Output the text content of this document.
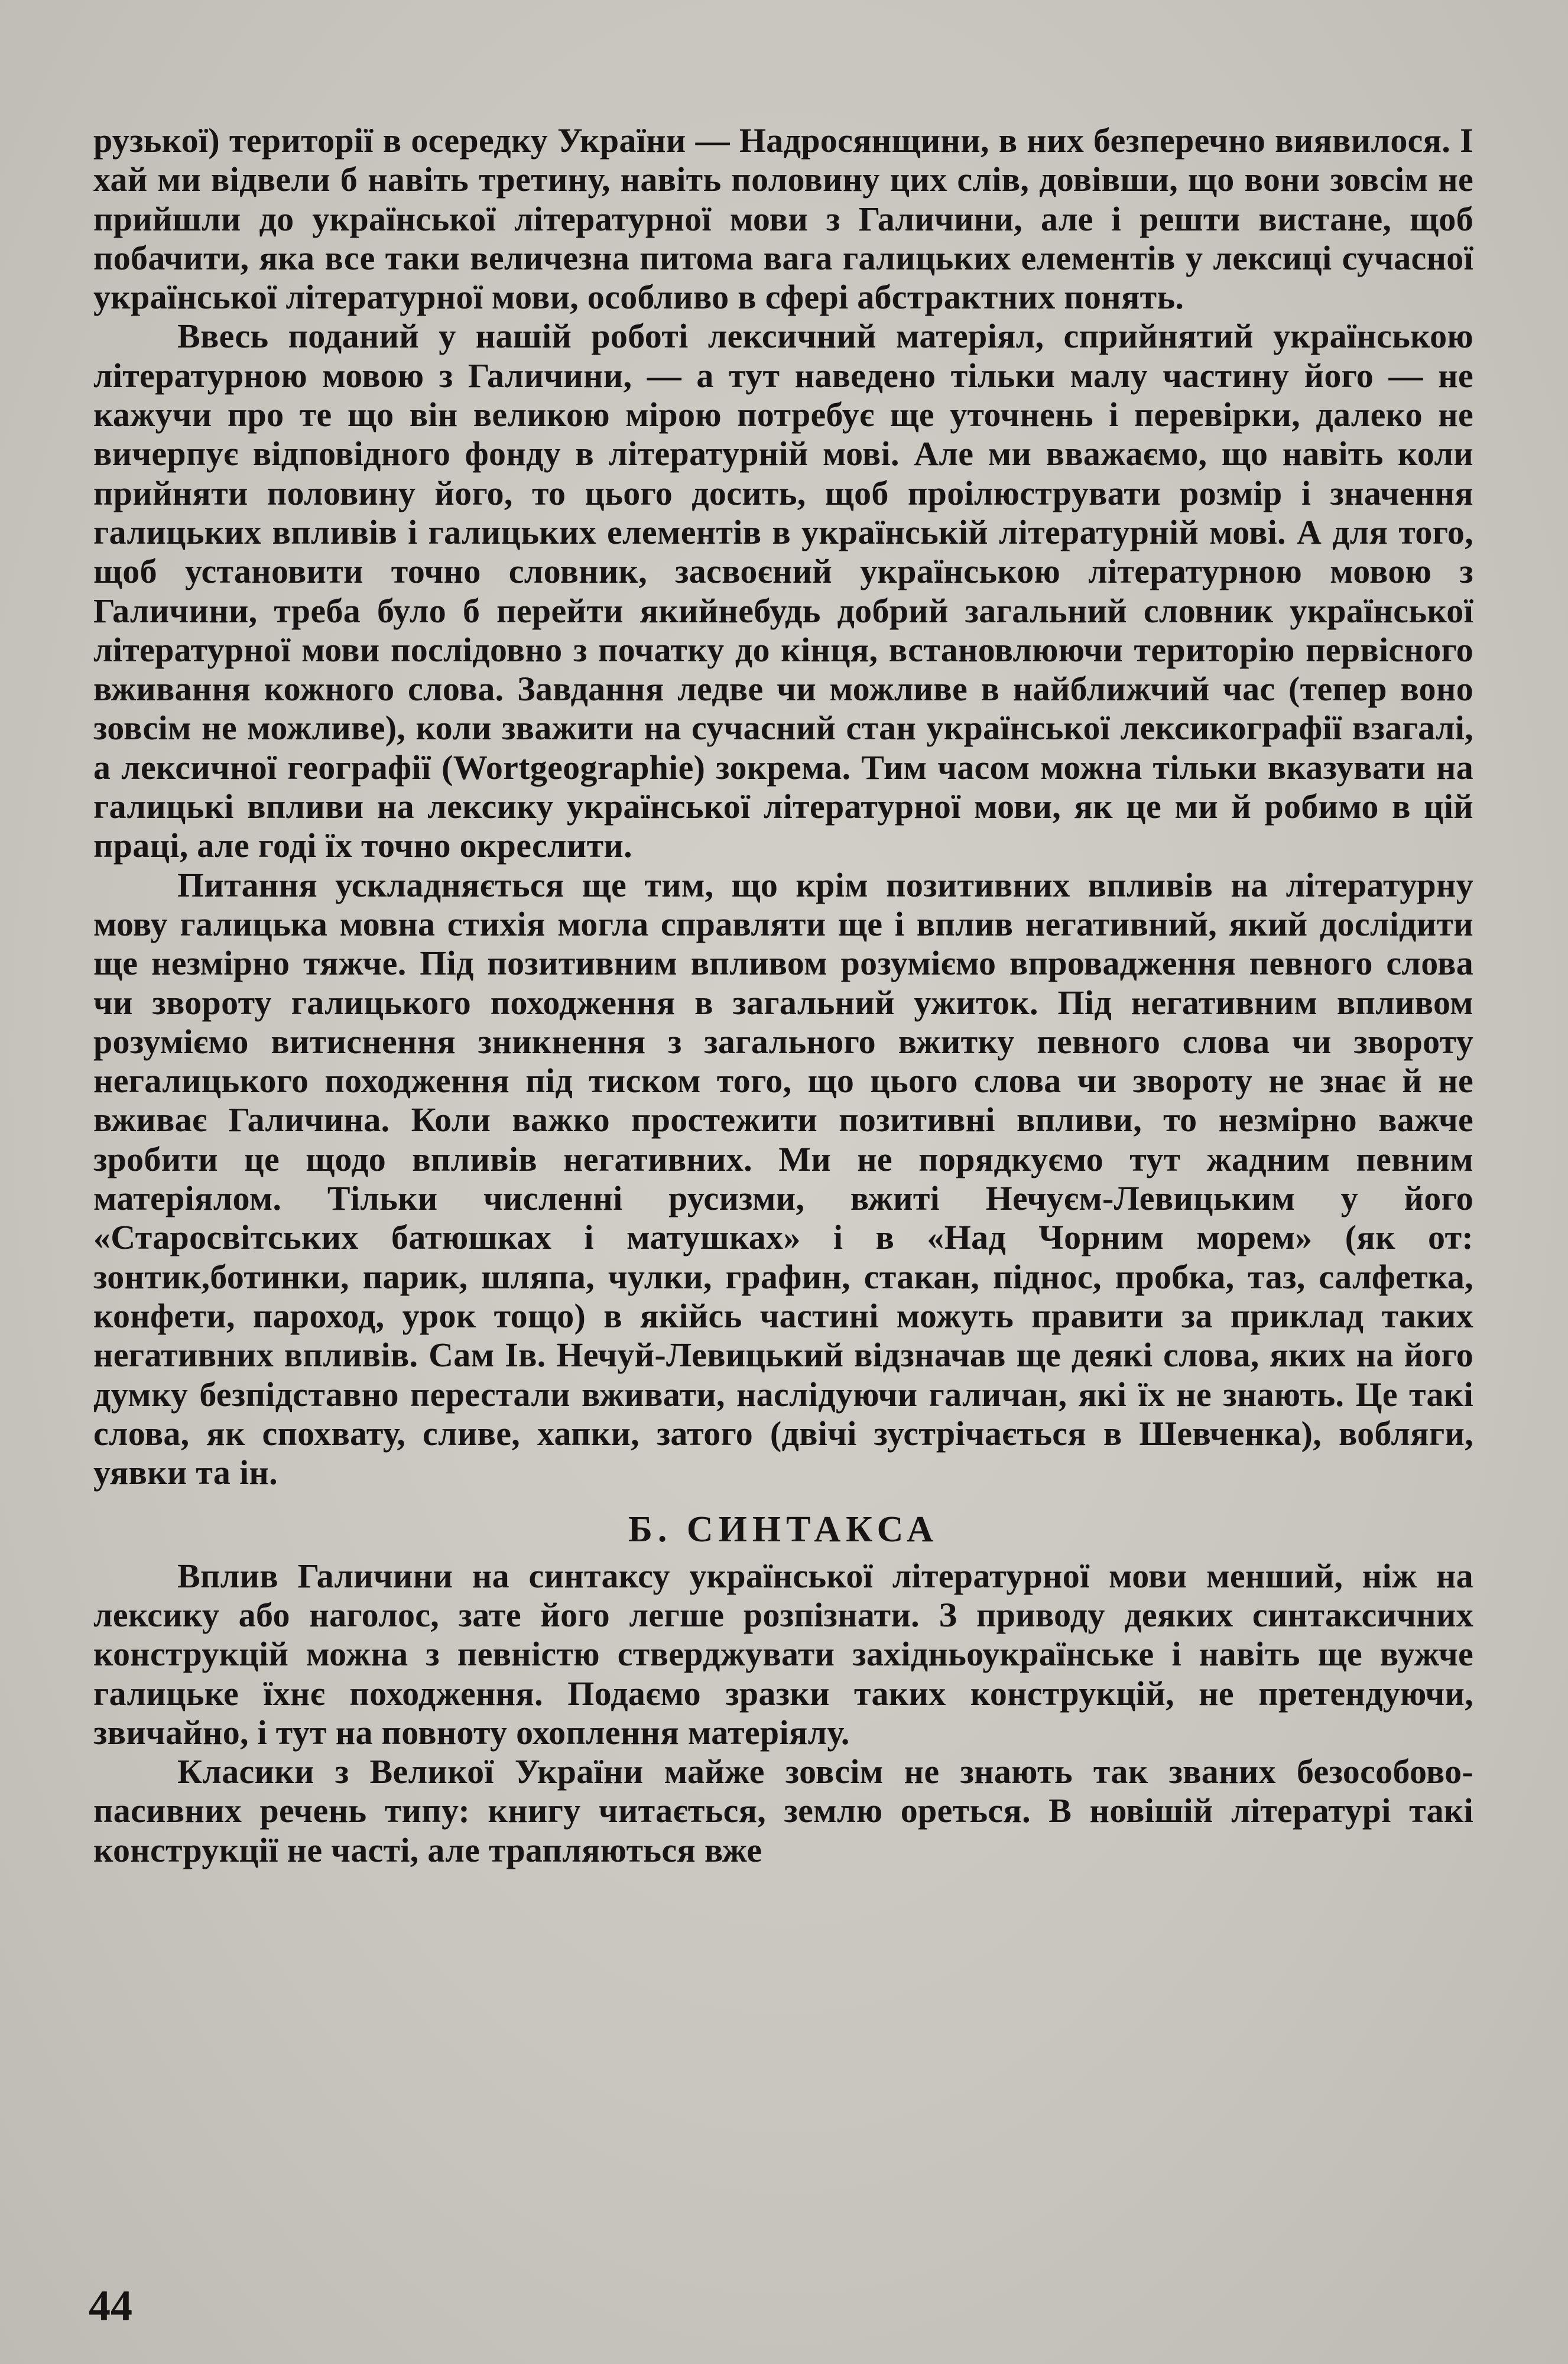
рузької) території в осередку України — Надросянщини, в них безперечно виявилося. І хай ми відвели б навіть третину, навіть половину цих слів, довівши, що вони зовсім не прийшли до української літературної мови з Галичини, але і решти вистане, щоб побачити, яка все таки величезна питома вага галицьких елементів у лексиці сучасної української літературної мови, особливо в сфері абстрактних понять.

Ввесь поданий у нашій роботі лексичний матеріял, сприйнятий українською літературною мовою з Галичини, — а тут наведено тільки малу частину його — не кажучи про те що він великою мірою потребує ще уточнень і перевірки, далеко не вичерпує відповідного фонду в літературній мові. Але ми вважаємо, що навіть коли прийняти половину його, то цього досить, щоб проілюструвати розмір і значення галицьких впливів і галицьких елементів в українській літературній мові. А для того, щоб установити точно словник, засвоєний українською літературною мовою з Галичини, треба було б перейти якийнебудь добрий загальний словник української літературної мови послідовно з початку до кінця, встановлюючи територію первісного вживання кожного слова. Завдання ледве чи можливе в найближчий час (тепер воно зовсім не можливе), коли зважити на сучасний стан української лексикографії взагалі, а лексичної географії (Wortgeographie) зокрема. Тим часом можна тільки вказувати на галицькі впливи на лексику української літературної мови, як це ми й робимо в цій праці, але годі їх точно окреслити.

Питання ускладняється ще тим, що крім позитивних впливів на літературну мову галицька мовна стихія могла справляти ще і вплив негативний, який дослідити ще незмірно тяжче. Під позитивним впливом розуміємо впровадження певного слова чи звороту галицького походження в загальний ужиток. Під негативним впливом розуміємо витиснення зникнення з загального вжитку певного слова чи звороту негалицького походження під тиском того, що цього слова чи звороту не знає й не вживає Галичина. Коли важко простежити позитивні впливи, то незмірно важче зробити це щодо впливів негативних. Ми не порядкуємо тут жадним певним матеріялом. Тільки численні русизми, вжиті Нечуєм-Левицьким у його «Старосвітських батюшках і матушках» і в «Над Чорним морем» (як от: зонтик,ботинки, парик, шляпа, чулки, графин, стакан, піднос, пробка, таз, салфетка, конфети, пароход, урок тощо) в якійсь частині можуть правити за приклад таких негативних впливів. Сам Ів. Нечуй-Левицький відзначав ще деякі слова, яких на його думку безпідставно перестали вживати, наслідуючи галичан, які їх не знають. Це такі слова, як спохвату, сливе, хапки, затого (двічі зустрічається в Шевченка), вобляги, уявки та ін.

Б. СИНТАКСА

Вплив Галичини на синтаксу української літературної мови менший, ніж на лексику або наголос, зате його легше розпізнати. З приводу деяких синтаксичних конструкцій можна з певністю стверджувати західньоукраїнське і навіть ще вужче галицьке їхнє походження. Подаємо зразки таких конструкцій, не претендуючи, звичайно, і тут на повноту охоплення матеріялу.

Класики з Великої України майже зовсім не знають так званих безособово-пасивних речень типу: книгу читається, землю ореться. В новішій літературі такі конструкції не часті, але трапляються вже

44
